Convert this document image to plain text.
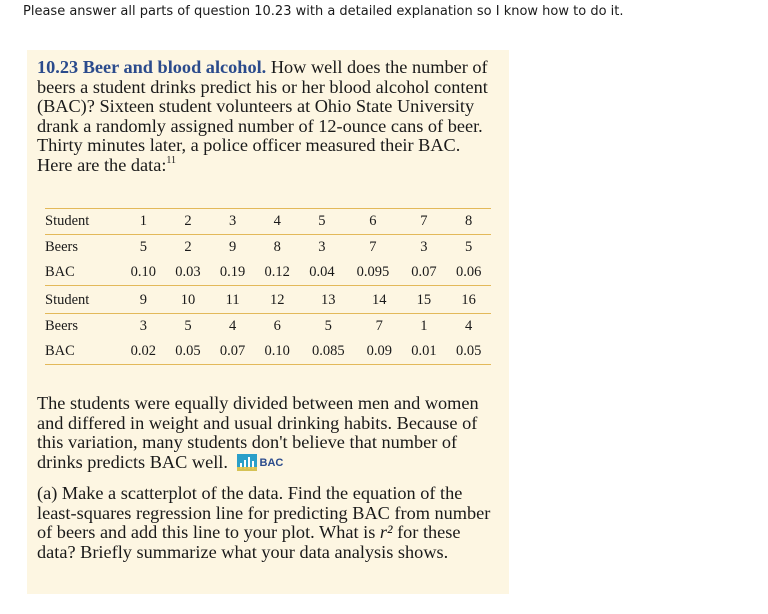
Please answer all parts of question 10.23 with a detailed explanation so I know how to do it.
10.23 Beer and blood alcohol. How well does the number of beers a student drinks predict his or her blood alcohol content (BAC)? Sixteen student volunteers at Ohio State University drank a randomly assigned number of 12-ounce cans of beer. Thirty minutes later, a police officer measured their BAC. Here are the data:$^{11}$
Student	1	2	3	4	5	6	7	8
Beers	5	2	9	8	3	7	3	5
BAC	0.10	0.03	0.19	0.12	0.04	0.095	0.07	0.06
Student	9	10	11	12	13	14	15	16
Beers	3	5	4	6	5	7	1	4
BAC	0.02	0.05	0.07	0.10	0.085	0.09	0.01	0.05
The students were equally divided between men and women and differed in weight and usual drinking habits. Because of this variation, many students don't believe that number of drinks predicts BAC well.	BAC
(a) Make a scatterplot of the data. Find the equation of the least-squares regression line for predicting BAC from number of beers and add this line to your plot. What is r² for these data? Briefly summarize what your data analysis shows.
